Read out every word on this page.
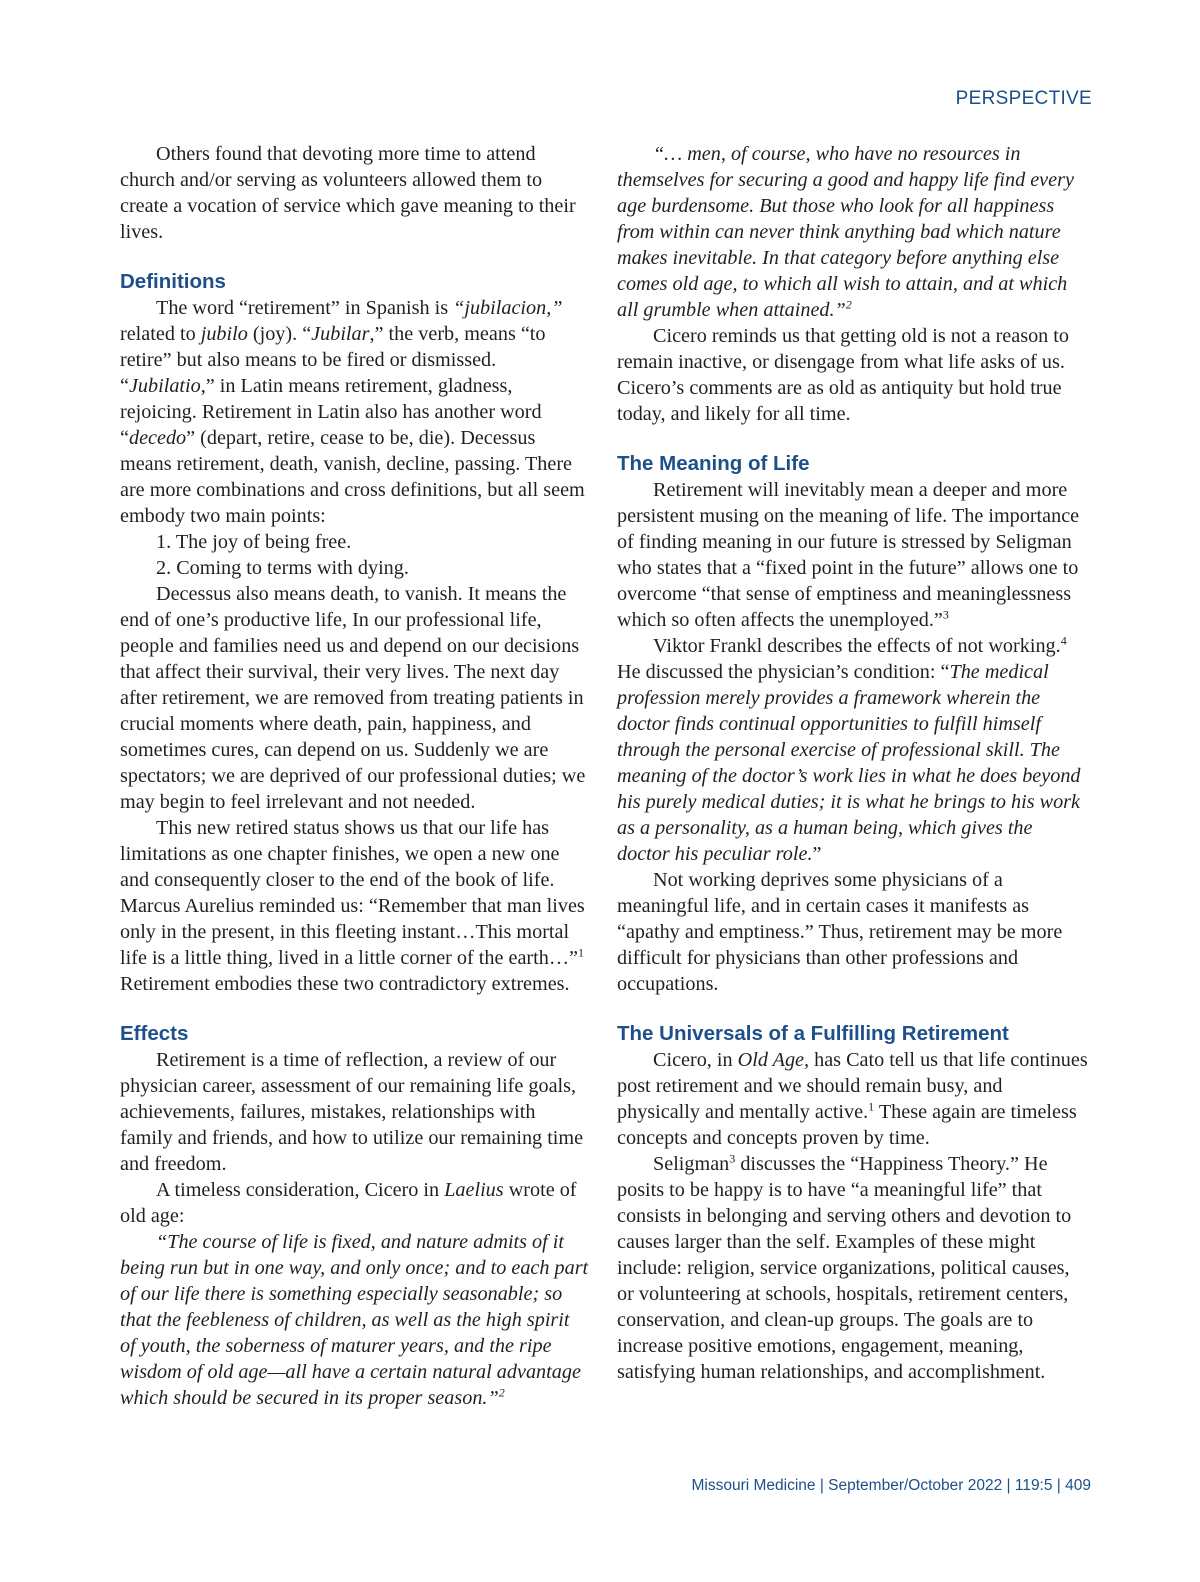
PERSPECTIVE

Others found that devoting more time to attend church and/or serving as volunteers allowed them to create a vocation of service which gave meaning to their lives.

Definitions

The word “retirement” in Spanish is “jubilacion,” related to jubilo (joy). “Jubilar,” the verb, means “to retire” but also means to be fired or dismissed. “Jubilatio,” in Latin means retirement, gladness, rejoicing. Retirement in Latin also has another word “decedo” (depart, retire, cease to be, die). Decessus means retirement, death, vanish, decline, passing. There are more combinations and cross definitions, but all seem embody two main points:

1. The joy of being free.

2. Coming to terms with dying.

Decessus also means death, to vanish. It means the end of one’s productive life, In our professional life, people and families need us and depend on our decisions that affect their survival, their very lives. The next day after retirement, we are removed from treating patients in crucial moments where death, pain, happiness, and sometimes cures, can depend on us. Suddenly we are spectators; we are deprived of our professional duties; we may begin to feel irrelevant and not needed.

This new retired status shows us that our life has limitations as one chapter finishes, we open a new one and consequently closer to the end of the book of life. Marcus Aurelius reminded us: “Remember that man lives only in the present, in this fleeting instant…This mortal life is a little thing, lived in a little corner of the earth…”$^1$ Retirement embodies these two contradictory extremes.

Effects

Retirement is a time of reflection, a review of our physician career, assessment of our remaining life goals, achievements, failures, mistakes, relationships with family and friends, and how to utilize our remaining time and freedom.

A timeless consideration, Cicero in Laelius wrote of old age:

“The course of life is fixed, and nature admits of it being run but in one way, and only once; and to each part of our life there is something especially seasonable; so that the feebleness of children, as well as the high spirit of youth, the soberness of maturer years, and the ripe wisdom of old age—all have a certain natural advantage which should be secured in its proper season.”$^2$

“… men, of course, who have no resources in themselves for securing a good and happy life find every age burdensome. But those who look for all happiness from within can never think anything bad which nature makes inevitable. In that category before anything else comes old age, to which all wish to attain, and at which all grumble when attained.”$^2$

Cicero reminds us that getting old is not a reason to remain inactive, or disengage from what life asks of us. Cicero’s comments are as old as antiquity but hold true today, and likely for all time.

The Meaning of Life

Retirement will inevitably mean a deeper and more persistent musing on the meaning of life. The importance of finding meaning in our future is stressed by Seligman who states that a “fixed point in the future” allows one to overcome “that sense of emptiness and meaninglessness which so often affects the unemployed.”$^3$

Viktor Frankl describes the effects of not working.$^4$ He discussed the physician’s condition: “The medical profession merely provides a framework wherein the doctor finds continual opportunities to fulfill himself through the personal exercise of professional skill. The meaning of the doctor’s work lies in what he does beyond his purely medical duties; it is what he brings to his work as a personality, as a human being, which gives the doctor his peculiar role.”

Not working deprives some physicians of a meaningful life, and in certain cases it manifests as “apathy and emptiness.” Thus, retirement may be more difficult for physicians than other professions and occupations.

The Universals of a Fulfilling Retirement

Cicero, in Old Age, has Cato tell us that life continues post retirement and we should remain busy, and physically and mentally active.$^1$ These again are timeless concepts and concepts proven by time.

Seligman$^3$ discusses the “Happiness Theory.” He posits to be happy is to have “a meaningful life” that consists in belonging and serving others and devotion to causes larger than the self. Examples of these might include: religion, service organizations, political causes, or volunteering at schools, hospitals, retirement centers, conservation, and clean-up groups. The goals are to increase positive emotions, engagement, meaning, satisfying human relationships, and accomplishment.

Missouri Medicine | September/October 2022 | 119:5 | 409
